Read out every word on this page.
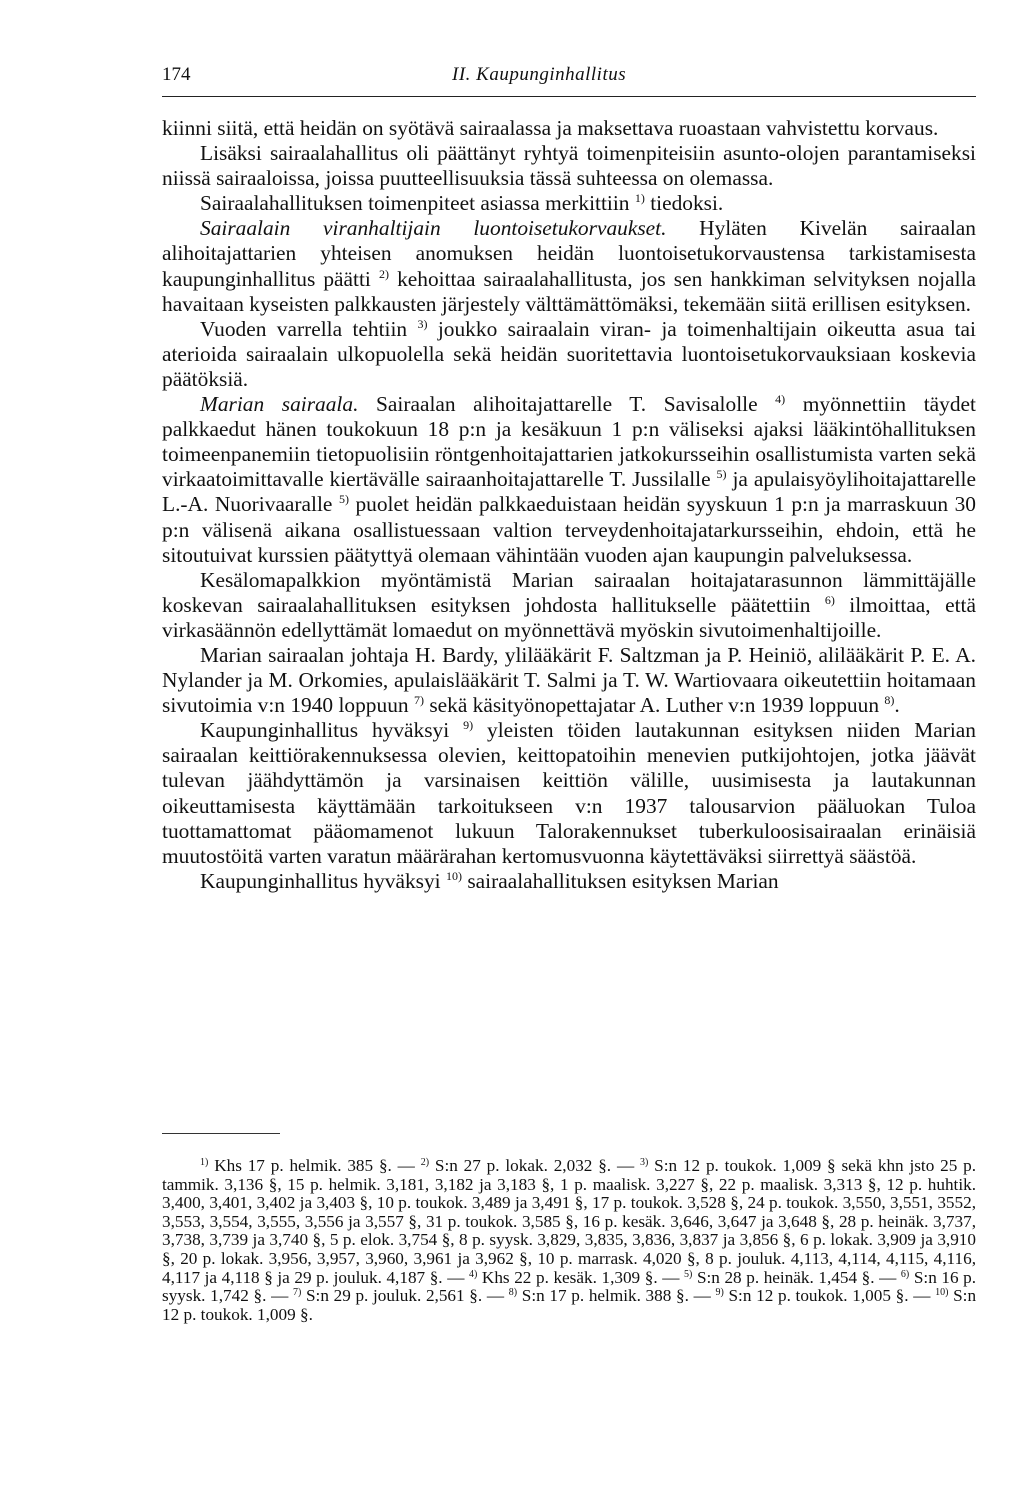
174	II. Kaupunginhallitus

kiinni siitä, että heidän on syötävä sairaalassa ja maksettava ruoastaan vahvistettu korvaus.

Lisäksi sairaalahallitus oli päättänyt ryhtyä toimenpiteisiin asunto-olojen parantamiseksi niissä sairaaloissa, joissa puutteellisuuksia tässä suhteessa on olemassa.

Sairaalahallituksen toimenpiteet asiassa merkittiin $^{1)}$ tiedoksi.

Sairaalain viranhaltijain luontoisetukorvaukset. Hyläten Kivelän sairaalan alihoitajattarien yhteisen anomuksen heidän luontoisetukorvaustensa tarkistamisesta kaupunginhallitus päätti $^{2)}$ kehoittaa sairaalahallitusta, jos sen hankkiman selvityksen nojalla havaitaan kyseisten palkkausten järjestely välttämättömäksi, tekemään siitä erillisen esityksen.

Vuoden varrella tehtiin $^{3)}$ joukko sairaalain viran- ja toimenhaltijain oikeutta asua tai aterioida sairaalain ulkopuolella sekä heidän suoritettavia luontoisetukorvauksiaan koskevia päätöksiä.

Marian sairaala. Sairaalan alihoitajattarelle T. Savisalolle $^{4)}$ myönnettiin täydet palkkaedut hänen toukokuun 18 p:n ja kesäkuun 1 p:n väliseksi ajaksi lääkintöhallituksen toimeenpanemiin tietopuolisiin röntgenhoitajattarien jatkokursseihin osallistumista varten sekä virkaatoimittavalle kiertävälle sairaanhoitajattarelle T. Jussilalle $^{5)}$ ja apulaisyöylihoitajattarelle L.-A. Nuorivaaralle $^{5)}$ puolet heidän palkkaeduistaan heidän syyskuun 1 p:n ja marraskuun 30 p:n välisenä aikana osallistuessaan valtion terveydenhoitajatarkursseihin, ehdoin, että he sitoutuivat kurssien päätyttyä olemaan vähintään vuoden ajan kaupungin palveluksessa.

Kesälomapalkkion myöntämistä Marian sairaalan hoitajatarasunnon lämmittäjälle koskevan sairaalahallituksen esityksen johdosta hallitukselle päätettiin $^{6)}$ ilmoittaa, että virkasäännön edellyttämät lomaedut on myönnettävä myöskin sivutoimenhaltijoille.

Marian sairaalan johtaja H. Bardy, ylilääkärit F. Saltzman ja P. Heiniö, alilääkärit P. E. A. Nylander ja M. Orkomies, apulaislääkärit T. Salmi ja T. W. Wartiovaara oikeutettiin hoitamaan sivutoimia v:n 1940 loppuun $^{7)}$ sekä käsityönopettajatar A. Luther v:n 1939 loppuun $^{8)}$.

Kaupunginhallitus hyväksyi $^{9)}$ yleisten töiden lautakunnan esityksen niiden Marian sairaalan keittiörakennuksessa olevien, keittopatoihin menevien putkijohtojen, jotka jäävät tulevan jäähdyttämön ja varsinaisen keittiön välille, uusimisesta ja lautakunnan oikeuttamisesta käyttämään tarkoitukseen v:n 1937 talousarvion pääluokan Tuloa tuottamattomat pääomamenot lukuun Talorakennukset tuberkuloosisairaalan erinäisiä muutostöitä varten varatun määrärahan kertomusvuonna käytettäväksi siirrettyä säästöä.

Kaupunginhallitus hyväksyi $^{10)}$ sairaalahallituksen esityksen Marian

$^{1)}$ Khs 17 p. helmik. 385 §. — $^{2)}$ S:n 27 p. lokak. 2,032 §. — $^{3)}$ S:n 12 p. toukok. 1,009 § sekä khn jsto 25 p. tammik. 3,136 §, 15 p. helmik. 3,181, 3,182 ja 3,183 §, 1 p. maalisk. 3,227 §, 22 p. maalisk. 3,313 §, 12 p. huhtik. 3,400, 3,401, 3,402 ja 3,403 §, 10 p. toukok. 3,489 ja 3,491 §, 17 p. toukok. 3,528 §, 24 p. toukok. 3,550, 3,551, 3552, 3,553, 3,554, 3,555, 3,556 ja 3,557 §, 31 p. toukok. 3,585 §, 16 p. kesäk. 3,646, 3,647 ja 3,648 §, 28 p. heinäk. 3,737, 3,738, 3,739 ja 3,740 §, 5 p. elok. 3,754 §, 8 p. syysk. 3,829, 3,835, 3,836, 3,837 ja 3,856 §, 6 p. lokak. 3,909 ja 3,910 §, 20 p. lokak. 3,956, 3,957, 3,960, 3,961 ja 3,962 §, 10 p. marrask. 4,020 §, 8 p. jouluk. 4,113, 4,114, 4,115, 4,116, 4,117 ja 4,118 § ja 29 p. jouluk. 4,187 §. — $^{4)}$ Khs 22 p. kesäk. 1,309 §. — $^{5)}$ S:n 28 p. heinäk. 1,454 §. — $^{6)}$ S:n 16 p. syysk. 1,742 §. — $^{7)}$ S:n 29 p. jouluk. 2,561 §. — $^{8)}$ S:n 17 p. helmik. 388 §. — $^{9)}$ S:n 12 p. toukok. 1,005 §. — $^{10)}$ S:n 12 p. toukok. 1,009 §.
